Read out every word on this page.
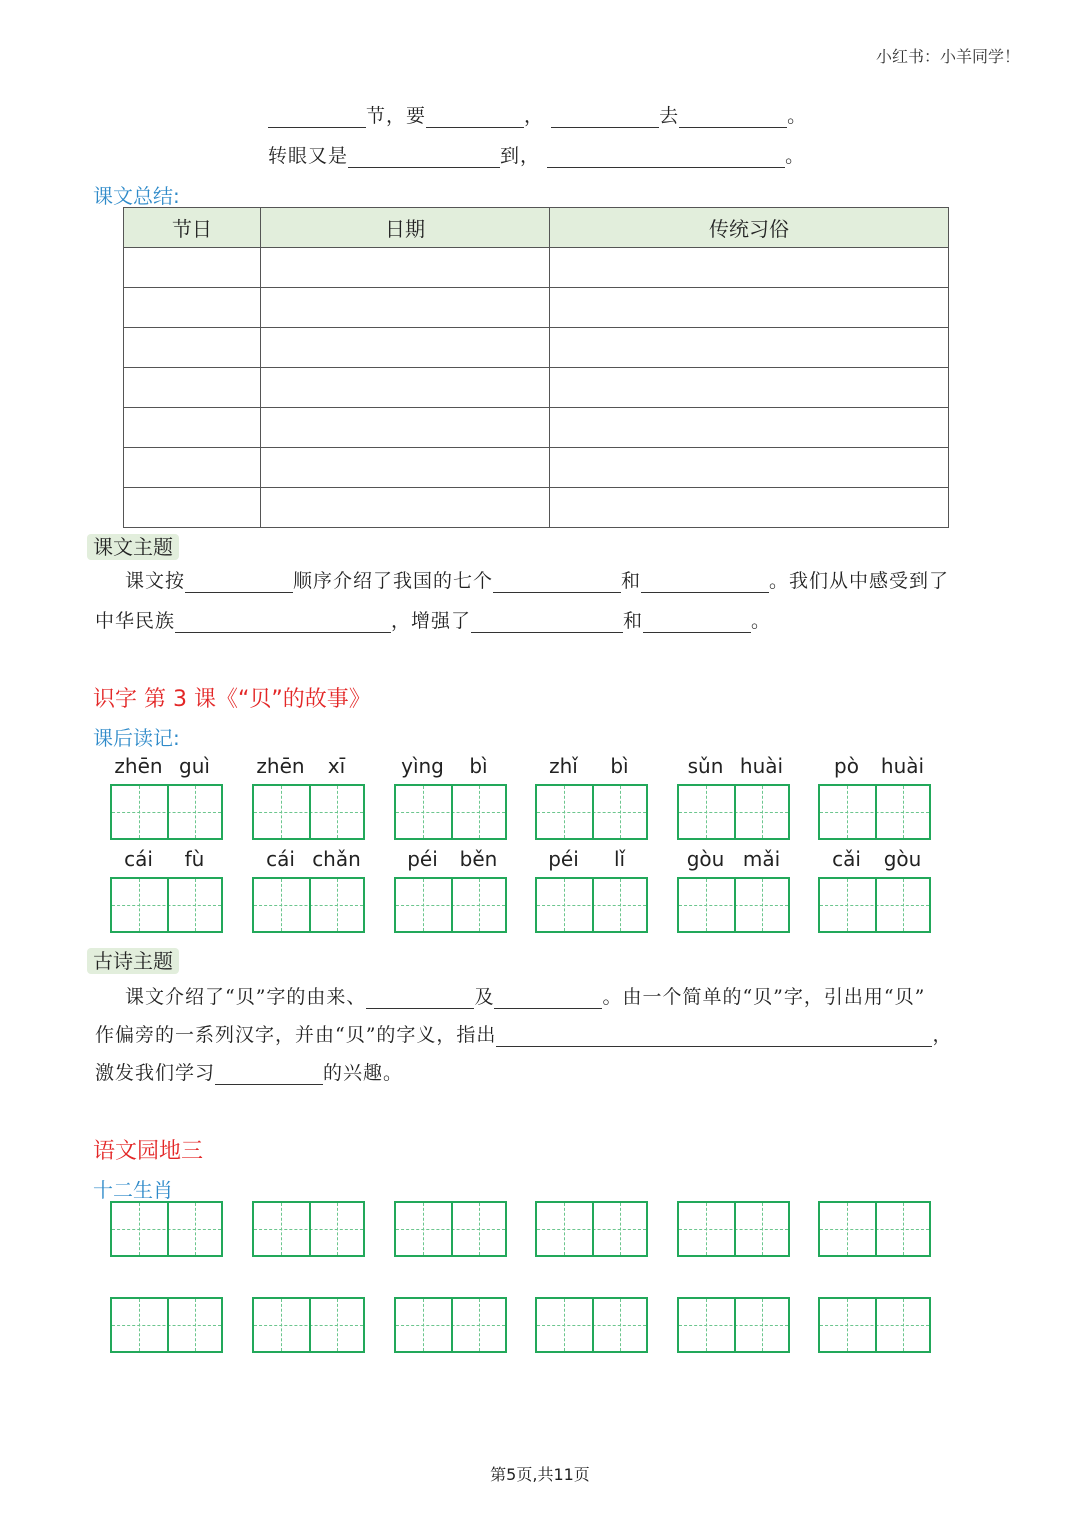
小红书：小羊同学！
节，要	，	去	。
转眼又是	到，	。
课文总结:
节日	日期	传统习俗

课文主题
课文按	顺序介绍了我国的七个	和	。我们从中感受到了
中华民族	，增强了	和	。
识字 第 3 课《“贝”的故事》
课后读记:
zhēn guì	zhēn	xī	yìng	bì	zhǐ	bì	sǔn huài	pò	huài
cái	fù	cái chǎn	péi	běn	péi	lǐ	gòu mǎi	cǎi	gòu
古诗主题
课文介绍了“贝”字的由来、	及	。由一个简单的“贝”字，引出用“贝”
作偏旁的一系列汉字，并由“贝”的字义，指出	，
激发我们学习	的兴趣。
语文园地三
十二生肖
第5页,共11页
